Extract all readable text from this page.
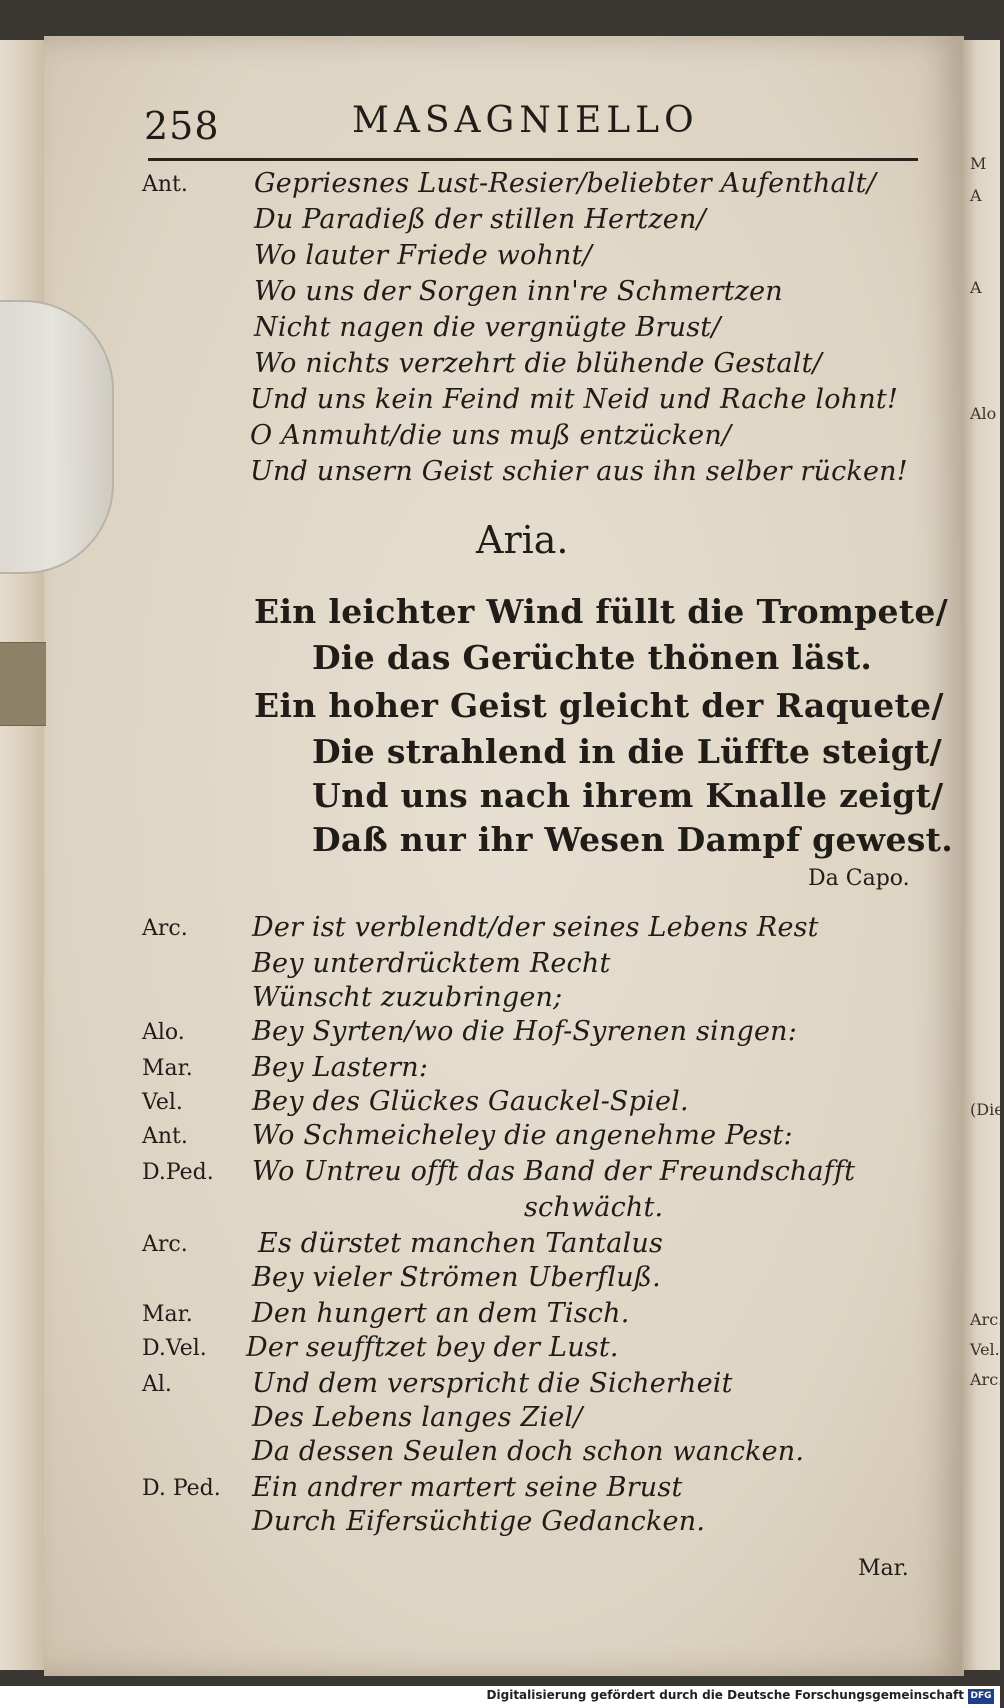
M
A
A
Alo
(Die
Arc.
Vel.
Arc.
258	MASAGNIELLO
Ant. Gepriesnes Lust-Resier/beliebter Aufenthalt/
Du Paradieß der stillen Hertzen/
Wo lauter Friede wohnt/
Wo uns der Sorgen inn're Schmertzen
Nicht nagen die vergnügte Brust/
Wo nichts verzehrt die blühende Gestalt/
Und uns kein Feind mit Neid und Rache lohnt!
O Anmuht/die uns muß entzücken/
Und unsern Geist schier aus ihn selber rücken!
Aria.
Ein leichter Wind füllt die Trompete/
Die das Gerüchte thönen läst.
Ein hoher Geist gleicht der Raquete/
Die strahlend in die Lüffte steigt/
Und uns nach ihrem Knalle zeigt/
Daß nur ihr Wesen Dampf gewest.
Da Capo.
Arc. Der ist verblendt/der seines Lebens Rest
Bey unterdrücktem Recht
Wünscht zuzubringen;
Alo. Bey Syrten/wo die Hof-Syrenen singen:
Mar. Bey Lastern:
Vel.	Bey des Glückes Gauckel-Spiel.
Ant. Wo Schmeicheley die angenehme Pest:
D.Ped. Wo Untreu offt das Band der Freundschafft
schwächt.
Arc.	Es dürstet manchen Tantalus
Bey vieler Strömen Uberfluß.
Mar. Den hungert an dem Tisch.
D.Vel. Der seufftzet bey der Lust.
Al.	Und dem verspricht die Sicherheit
Des Lebens langes Ziel/
Da dessen Seulen doch schon wancken.
D. Ped. Ein andrer martert seine Brust
Durch Eifersüchtige Gedancken.
Mar.
Digitalisierung gefördert durch die Deutsche Forschungsgemeinschaft DFG
